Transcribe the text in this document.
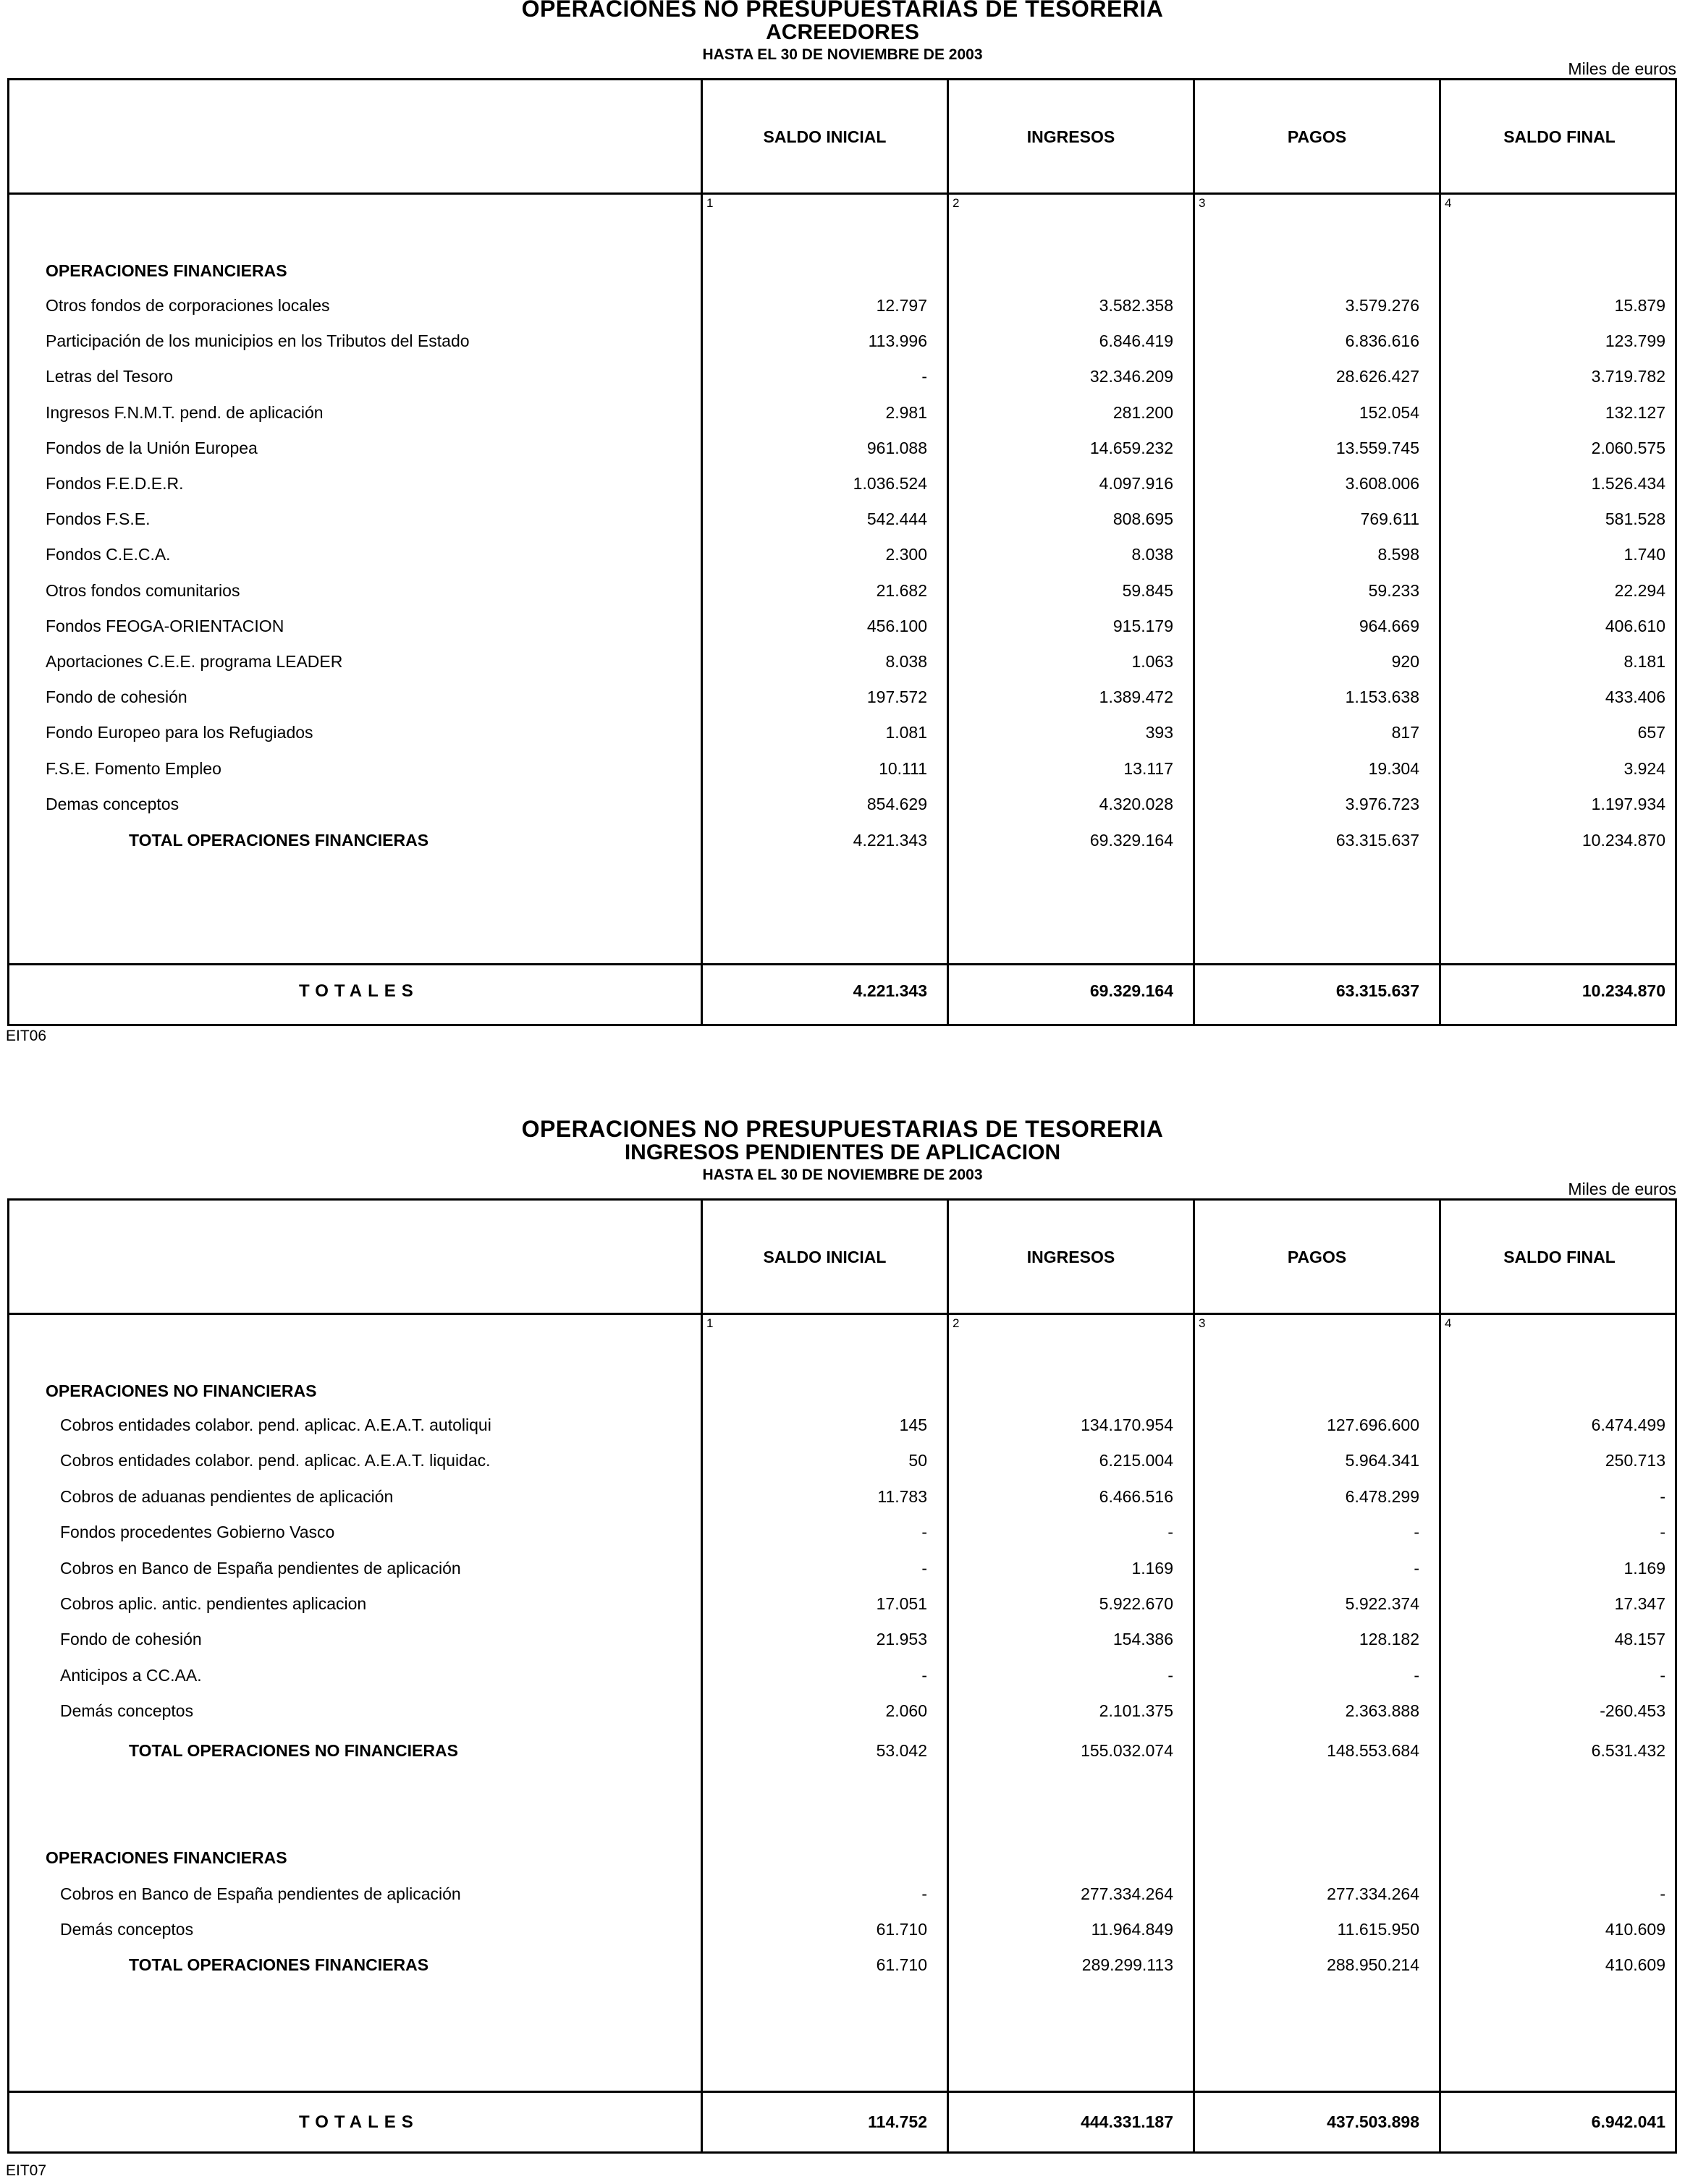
OPERACIONES NO PRESUPUESTARIAS DE TESORERIA
ACREEDORES
HASTA EL 30 DE NOVIEMBRE DE 2003
Miles de euros
SALDO INICIAL	INGRESOS	PAGOS	SALDO FINAL
1	2	3	4
OPERACIONES FINANCIERAS
Otros fondos de corporaciones locales	12.797	3.582.358	3.579.276	15.879
Participación de los municipios en los Tributos del Estado	113.996	6.846.419	6.836.616	123.799
Letras del Tesoro	-	32.346.209	28.626.427	3.719.782
Ingresos F.N.M.T. pend. de aplicación	2.981	281.200	152.054	132.127
Fondos de la Unión Europea	961.088	14.659.232	13.559.745	2.060.575
Fondos F.E.D.E.R.	1.036.524	4.097.916	3.608.006	1.526.434
Fondos F.S.E.	542.444	808.695	769.611	581.528
Fondos C.E.C.A.	2.300	8.038	8.598	1.740
Otros fondos comunitarios	21.682	59.845	59.233	22.294
Fondos FEOGA-ORIENTACION	456.100	915.179	964.669	406.610
Aportaciones C.E.E. programa LEADER	8.038	1.063	920	8.181
Fondo de cohesión	197.572	1.389.472	1.153.638	433.406
Fondo Europeo para los Refugiados	1.081	393	817	657
F.S.E. Fomento Empleo	10.111	13.117	19.304	3.924
Demas conceptos	854.629	4.320.028	3.976.723	1.197.934
TOTAL OPERACIONES FINANCIERAS	4.221.343	69.329.164	63.315.637	10.234.870
TOTALES	4.221.343	69.329.164	63.315.637	10.234.870
EIT06
OPERACIONES NO PRESUPUESTARIAS DE TESORERIA
INGRESOS PENDIENTES DE APLICACION
HASTA EL 30 DE NOVIEMBRE DE 2003
Miles de euros
SALDO INICIAL	INGRESOS	PAGOS	SALDO FINAL
1	2	3	4
OPERACIONES NO FINANCIERAS
Cobros entidades colabor. pend. aplicac. A.E.A.T. autoliqui	145	134.170.954	127.696.600	6.474.499
Cobros entidades colabor. pend. aplicac. A.E.A.T. liquidac.	50	6.215.004	5.964.341	250.713
Cobros de aduanas pendientes de aplicación	11.783	6.466.516	6.478.299	-
Fondos procedentes Gobierno Vasco	-	-	-	-
Cobros en Banco de España pendientes de aplicación	-	1.169	-	1.169
Cobros aplic. antic. pendientes aplicacion	17.051	5.922.670	5.922.374	17.347
Fondo de cohesión	21.953	154.386	128.182	48.157
Anticipos a CC.AA.	-	-	-	-
Demás conceptos	2.060	2.101.375	2.363.888	-260.453
TOTAL OPERACIONES NO FINANCIERAS	53.042	155.032.074	148.553.684	6.531.432
OPERACIONES FINANCIERAS
Cobros en Banco de España pendientes de aplicación	-	277.334.264	277.334.264	-
Demás conceptos	61.710	11.964.849	11.615.950	410.609
TOTAL OPERACIONES FINANCIERAS	61.710	289.299.113	288.950.214	410.609
TOTALES	114.752	444.331.187	437.503.898	6.942.041
EIT07
